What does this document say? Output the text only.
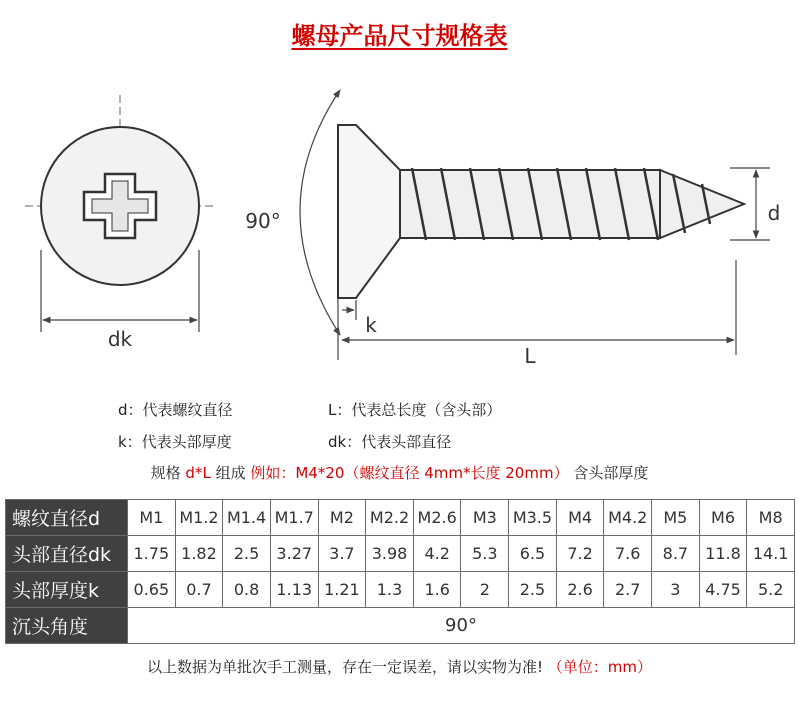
螺母产品尺寸规格表
dk
90°
k
L
d
d：代表螺纹直径	L：代表总长度（含头部）
k：代表头部厚度	dk：代表头部直径
规格 d*L 组成 例如：M4*20（螺纹直径 4mm*长度 20mm） 含头部厚度
螺纹直径d	M1	M1.2	M1.4	M1.7	M2	M2.2	M2.6	M3	M3.5	M4	M4.2	M5	M6	M8
头部直径dk	1.75	1.82	2.5	3.27	3.7	3.98	4.2	5.3	6.5	7.2	7.6	8.7	11.8	14.1
头部厚度k	0.65	0.7	0.8	1.13	1.21	1.3	1.6	2	2.5	2.6	2.7	3	4.75	5.2
沉头角度	90°													
以上数据为单批次手工测量，存在一定误差，请以实物为准! （单位：mm）
